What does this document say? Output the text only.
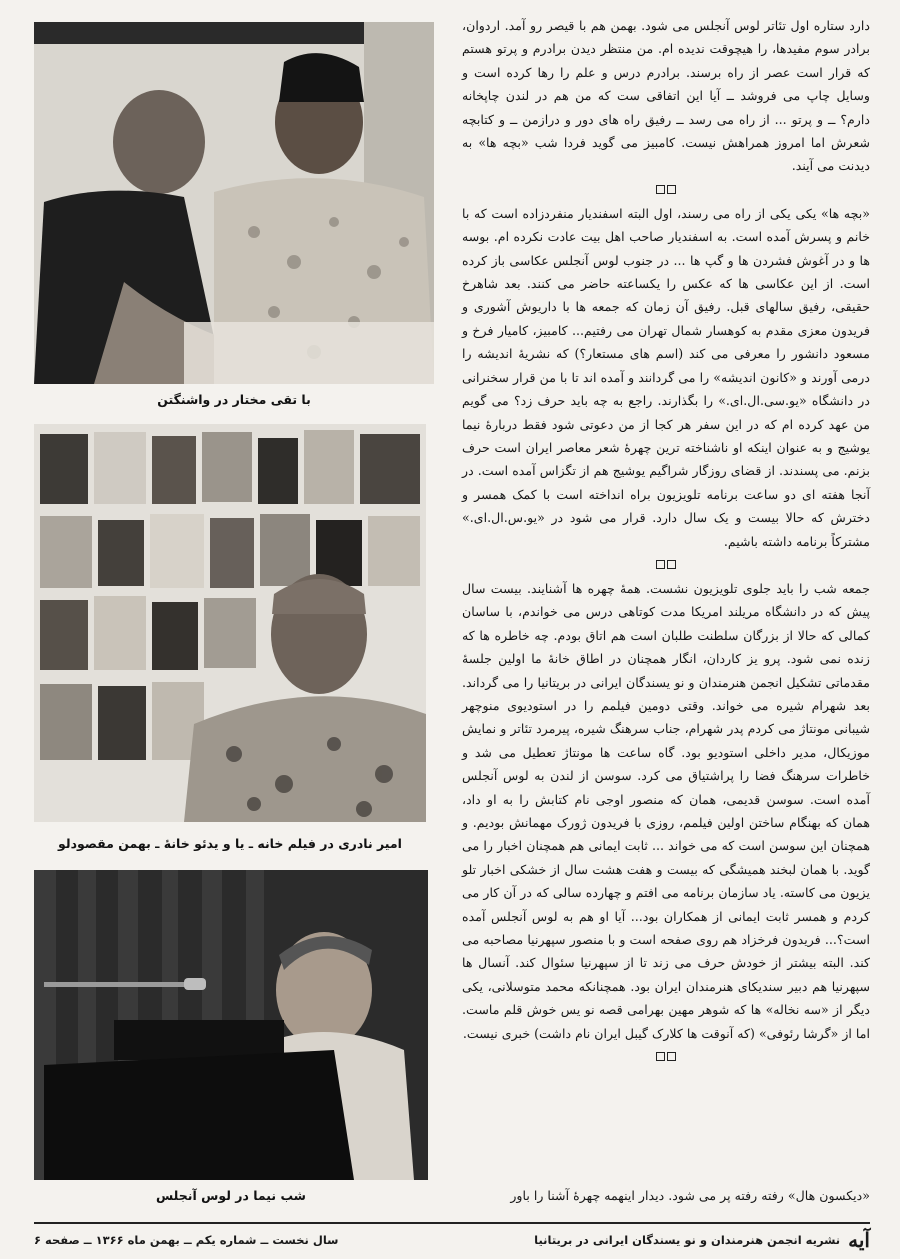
با تقی مختار در واشنگتن
امیر نادری در فیلم خانه ـ یا و یدئو خانهٔ ـ بهمن مقصودلو
شب نیما در لوس آنجلس

دارد ستاره اول تئاتر لوس آنجلس می شود. بهمن هم با قیصر رو آمد. اردوان، برادر سوم مفیدها، را هیچوقت ندیده ام. من منتظر دیدن برادرم و پرتو هستم که قرار است عصر از راه برسند. برادرم درس و علم را رها کرده است و وسایل چاپ می فروشد ــ آیا این اتفاقی ست که من هم در لندن چاپخانه دارم؟ ــ و پرتو ... از راه می رسد ــ رفیق راه های دور و درازمن ــ و کتابچه شعرش اما امروز همراهش نیست. کامبیز می گوید فردا شب «بچه ها» به دیدنت می آیند.

«بچه ها» یکی یکی از راه می رسند، اول البته اسفندیار منفردزاده است که با خانم و پسرش آمده است. به اسفندیار صاحب اهل بیت عادت نکرده ام. بوسه ها و در آغوش فشردن ها و گپ ها ... در جنوب لوس آنجلس عکاسی باز کرده است. از این عکاسی ها که عکس را یکساعته حاضر می کنند. بعد شاهرخ حقیقی، رفیق سالهای قبل. رفیق آن زمان که جمعه ها با داریوش آشوری و فریدون معزی مقدم به کوهسار شمال تهران می رفتیم... کامبیز، کامیار فرخ و مسعود دانشور را معرفی می کند (اسم های مستعار؟) که نشریهٔ اندیشه را درمی آورند و «کانون اندیشه» را می گردانند و آمده اند تا با من قرار سخنرانی در دانشگاه «یو.سی.ال.ای.» را بگذارند. راجع به چه باید حرف زد؟ می گویم من عهد کرده ام که در این سفر هر کجا از من دعوتی شود فقط دربارهٔ نیما یوشیج و به عنوان اینکه او ناشناخته ترین چهرهٔ شعر معاصر ایران است حرف بزنم. می پسندند. از قضای روزگار شراگیم یوشیج هم از تگزاس آمده است. در آنجا هفته ای دو ساعت برنامه تلویزیون براه انداخته است با کمک همسر و دخترش که حالا بیست و یک سال دارد. قرار می شود در «یو.س.ال.ای.» مشترکاً برنامه داشته باشیم.

جمعه شب را باید جلوی تلویزیون نشست. همهٔ چهره ها آشنایند. بیست سال پیش که در دانشگاه مریلند امریکا مدت کوتاهی درس می خواندم، با ساسان کمالی که حالا از بزرگان سلطنت طلبان است هم اتاق بودم. چه خاطره ها که زنده نمی شود. پرو یز کاردان، انگار همچنان در اطاق خانهٔ ما اولین جلسهٔ مقدماتی تشکیل انجمن هنرمندان و نو یسندگان ایرانی در بریتانیا را می گرداند. بعد شهرام شیره می خواند. وقتی دومین فیلمم را در استودیوی منوچهر شیبانی مونتاژ می کردم پدر شهرام، جناب سرهنگ شیره، پیرمرد تئاتر و نمایش موزیکال، مدیر داخلی استودیو بود. گاه ساعت ها مونتاژ تعطیل می شد و خاطرات سرهنگ فضا را پراشتیاق می کرد. سوسن از لندن به لوس آنجلس آمده است. سوسن قدیمی، همان که منصور اوجی نام کتابش را به او داد، همان که بهنگام ساختن اولین فیلمم، روزی با فریدون ژورک مهمانش بودیم. و همچنان این سوسن است که می خواند ... ثابت ایمانی هم همچنان اخبار را می گوید. با همان لبخند همیشگی که بیست و هفت هشت سال از خشکی اخبار تلو یزیون می کاسته. یاد سازمان برنامه می افتم و چهارده سالی که در آن کار می کردم و همسر ثابت ایمانی از همکاران بود... آیا او هم به لوس آنجلس آمده است؟... فریدون فرخزاد هم روی صفحه است و با منصور سپهرنیا مصاحبه می کند. البته بیشتر از خودش حرف می زند تا از سپهرنیا سئوال کند. آنسال ها سپهرنیا هم دبیر سندیکای هنرمندان ایران بود. همچنانکه محمد متوسلانی، یکی دیگر از «سه نخاله» ها که شوهر مهین بهرامی قصه نو یس خوش قلم ماست. اما از «گرشا رئوفی» (که آنوقت ها کلارک گیبل ایران نام داشت) خبری نیست.

«دیکسون هال» رفته رفته پر می شود. دیدار اینهمه چهرهٔ آشنا را باور
آیه
نشریه انجمن هنرمندان و نو یسندگان ایرانی در بریتانیا
سال نخست ــ شماره یکم ــ بهمن ماه ۱۳۶۶ ــ صفحه ۶
